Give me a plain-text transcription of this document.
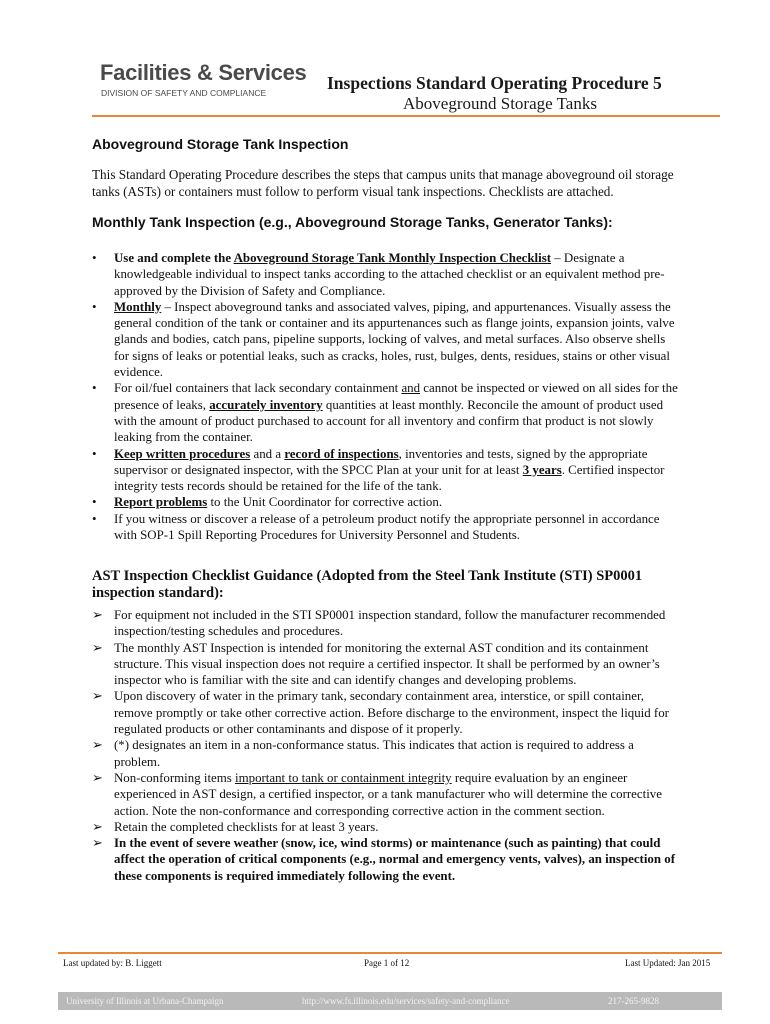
Facilities & Services
DIVISION OF SAFETY AND COMPLIANCE	Inspections Standard Operating Procedure 5
Aboveground Storage Tanks
Aboveground Storage Tank Inspection
This Standard Operating Procedure describes the steps that campus units that manage aboveground oil storage tanks (ASTs) or containers must follow to perform visual tank inspections. Checklists are attached.
Monthly Tank Inspection (e.g., Aboveground Storage Tanks, Generator Tanks):
• Use and complete the Aboveground Storage Tank Monthly Inspection Checklist – Designate a knowledgeable individual to inspect tanks according to the attached checklist or an equivalent method pre-approved by the Division of Safety and Compliance.
• Monthly – Inspect aboveground tanks and associated valves, piping, and appurtenances. Visually assess the general condition of the tank or container and its appurtenances such as flange joints, expansion joints, valve glands and bodies, catch pans, pipeline supports, locking of valves, and metal surfaces. Also observe shells for signs of leaks or potential leaks, such as cracks, holes, rust, bulges, dents, residues, stains or other visual evidence.
• For oil/fuel containers that lack secondary containment and cannot be inspected or viewed on all sides for the presence of leaks, accurately inventory quantities at least monthly. Reconcile the amount of product used with the amount of product purchased to account for all inventory and confirm that product is not slowly leaking from the container.
• Keep written procedures and a record of inspections, inventories and tests, signed by the appropriate supervisor or designated inspector, with the SPCC Plan at your unit for at least 3 years. Certified inspector integrity tests records should be retained for the life of the tank.
• Report problems to the Unit Coordinator for corrective action.
• If you witness or discover a release of a petroleum product notify the appropriate personnel in accordance with SOP-1 Spill Reporting Procedures for University Personnel and Students.
AST Inspection Checklist Guidance (Adopted from the Steel Tank Institute (STI) SP0001 inspection standard):
➢ For equipment not included in the STI SP0001 inspection standard, follow the manufacturer recommended inspection/testing schedules and procedures.
➢ The monthly AST Inspection is intended for monitoring the external AST condition and its containment structure. This visual inspection does not require a certified inspector. It shall be performed by an owner’s inspector who is familiar with the site and can identify changes and developing problems.
➢ Upon discovery of water in the primary tank, secondary containment area, interstice, or spill container, remove promptly or take other corrective action. Before discharge to the environment, inspect the liquid for regulated products or other contaminants and dispose of it properly.
➢ (*) designates an item in a non-conformance status. This indicates that action is required to address a problem.
➢ Non-conforming items important to tank or containment integrity require evaluation by an engineer experienced in AST design, a certified inspector, or a tank manufacturer who will determine the corrective action. Note the non-conformance and corresponding corrective action in the comment section.
➢ Retain the completed checklists for at least 3 years.
➢ In the event of severe weather (snow, ice, wind storms) or maintenance (such as painting) that could affect the operation of critical components (e.g., normal and emergency vents, valves), an inspection of these components is required immediately following the event.
Last updated by: B. Liggett	Page 1 of 12	Last Updated: Jan 2015
University of Illinois at Urbana-Champaign	http://www.fs.illinois.edu/services/safety-and-compliance	217-265-9828
